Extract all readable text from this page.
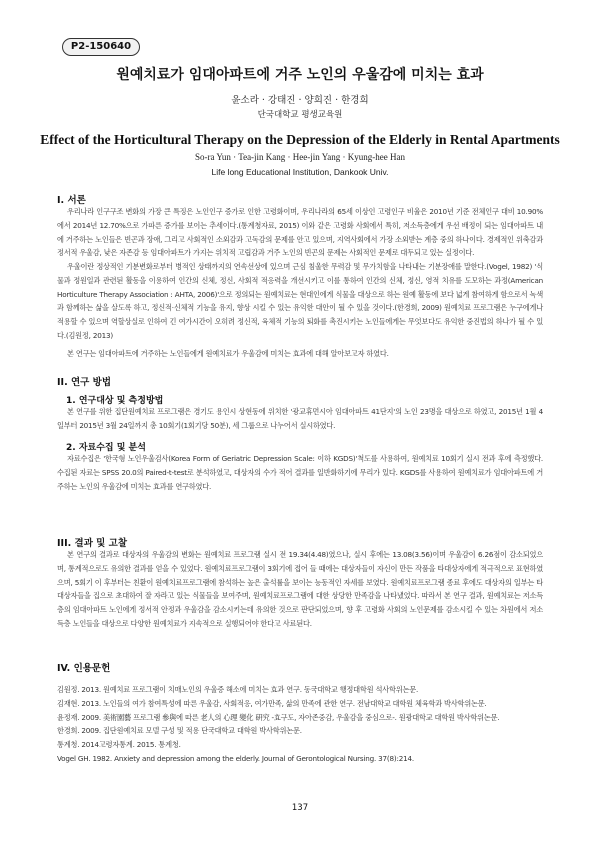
P2-150640
원예치료가 임대아파트에 거주 노인의 우울감에 미치는 효과
윤소라 · 강태진 · 양희진 · 한경희
단국대학교 평생교육원
Effect of the Horticultural Therapy on the Depression of the Elderly in Rental Apartments
So-ra Yun · Tea-jin Kang · Hee-jin Yang · Kyung-hee Han
Life long Educational Institution, Dankook Univ.
I. 서론
우리나라 인구구조 변화의 가장 큰 특징은 노인인구 증가로 인한 고령화이며, 우리나라의 65세 이상인 고령인구 비율은 2010년 기준 전체인구 대비 10.90%에서 2014년 12.70%으로 가파른 증가를 보이는 추세이다.(통계청자료, 2015) 이와 같은 고령화 사회에서 특히, 저소득층에게 우선 배정이 되는 임대아파트 내에 거주하는 노인들은 빈곤과 장애, 그리고 사회적인 소외감과 고독감의 문제를 안고 있으며, 지역사회에서 가장 소외받는 계층 중의 하나이다. 경제적인 위축감과 정서적 우울감, 낮은 자존감 등 임대아파트가 가지는 위치적 고립감과 거주 노인의 빈곤의 문제는 사회적인 문제로 대두되고 있는 실정이다.
우울이란 정상적인 기분변화로부터 병적인 상태까지의 연속선상에 있으며 근심 침울한 무력감 및 무가치함을 나타내는 기분장애를 말한다.(Vogel, 1982) '식물과 정원일과 관련된 활동을 이용하여 인간의 신체, 정신, 사회적 적응력을 개선시키고 이를 통하여 인간의 신체, 정신, 영적 치유를 도모하는 과정(American Horticulture Therapy Association : AHTA, 2006)'으로 정의되는 원예치료는 현대인에게 식물을 대상으로 하는 원예 활동에 보다 넓게 참여하게 함으로서 녹색과 함께하는 삶을 살도록 하고, 정신적·신체적 기능을 유지, 향상 시킬 수 있는 유익한 대안이 될 수 있을 것이다.(한경희, 2009) 원예치료 프로그램은 누구에게나 적용할 수 있으며 역할상실로 인하여 긴 여가시간이 오히려 정신적, 육체적 기능의 퇴화를 촉진시키는 노인들에게는 무엇보다도 유익한 중진법의 하나가 될 수 있다.(김원정, 2013)
본 연구는 임대아파트에 거주하는 노인들에게 원예치료가 우울감에 미치는 효과에 대해 알아보고자 하였다.
II. 연구 방법
1. 연구대상 및 측정방법
본 연구를 위한 집단원예치료 프로그램은 경기도 용인시 상현동에 위치한 '광교휴먼시아 임대아파트 41단지'의 노인 23명을 대상으로 하였고, 2015년 1월 4일부터 2015년 3월 24일까지 총 10회기(1회기당 50분), 세 그룹으로 나누어서 실시하였다.
2. 자료수집 및 분석
자료수집은 '한국형 노인우울검사(Korea Form of Geriatric Depression Scale: 이하 KGDS)'척도를 사용하여, 원예치료 10회기 실시 전과 후에 측정했다. 수집된 자료는 SPSS 20.0의 Paired-t-test로 분석하였고, 대상자의 수가 적어 결과를 일반화하기에 무리가 있다. KGDS를 사용하여 원예치료가 임대아파트에 거주하는 노인의 우울감에 미치는 효과를 연구하였다.
III. 결과 및 고찰
본 연구의 결과로 대상자의 우울감의 변화는 원예치료 프로그램 실시 전 19.34(4.48)였으나, 실시 후에는 13.08(3.56)이며 우울감이 6.26점이 감소되었으며, 통계적으로도 유의한 결과를 얻을 수 있었다. 원예치료프로그램이 3회기에 접어 들 때에는 대상자들이 자신이 만든 작품을 타대상자에게 적극적으로 표현하였으며, 5회기 이 후부터는 친환이 원예치료프로그램에 참석하는 높은 출석률을 보이는 능동적인 자세를 보였다. 원예치료프로그램 종료 후에도 대상자의 일부는 타대상자들을 집으로 초대하여 잘 자라고 있는 식물들을 보여주며, 원예치료프로그램에 대한 상당한 만족감을 나타냈었다. 따라서 본 연구 결과, 원예치료는 저소득층의 임대아파트 노인에게 정서적 안정과 우울감을 감소시키는데 유의한 것으로 판단되었으며, 향 후 고령화 사회의 노인문제를 감소시킬 수 있는 차원에서 저소득층 노인들을 대상으로 다양한 원예치료가 지속적으로 실행되어야 한다고 사료된다.
IV. 인용문헌
김원정. 2013. 원예치료 프로그램이 치매노인의 우울증 해소에 미치는 효과 연구. 동국대학교 행정대학원 석사학위논문.
김재현. 2013. 노인들의 여가 참여특성에 따른 우울감, 사회적응, 여가만족, 삶의 만족에 관한 연구. 전남대학교 대학원 체육학과 박사학위논문.
윤정재. 2009. 美術園藝 프로그램 參與에 따른 老人의 心理 變化 硏究 -효구도, 자아존중감, 우울감을 중심으로-. 원광대학교 대학원 박사학위논문.
한경희. 2009. 집단원예치료 모델 구성 및 적용 단국대학교 대학원 박사학위논문.
통계청. 2014고령자통계. 2015. 통계청.
Vogel GH. 1982. Anxiety and depression among the elderly. Journal of Gerontological Nursing. 37(8):214.
137
